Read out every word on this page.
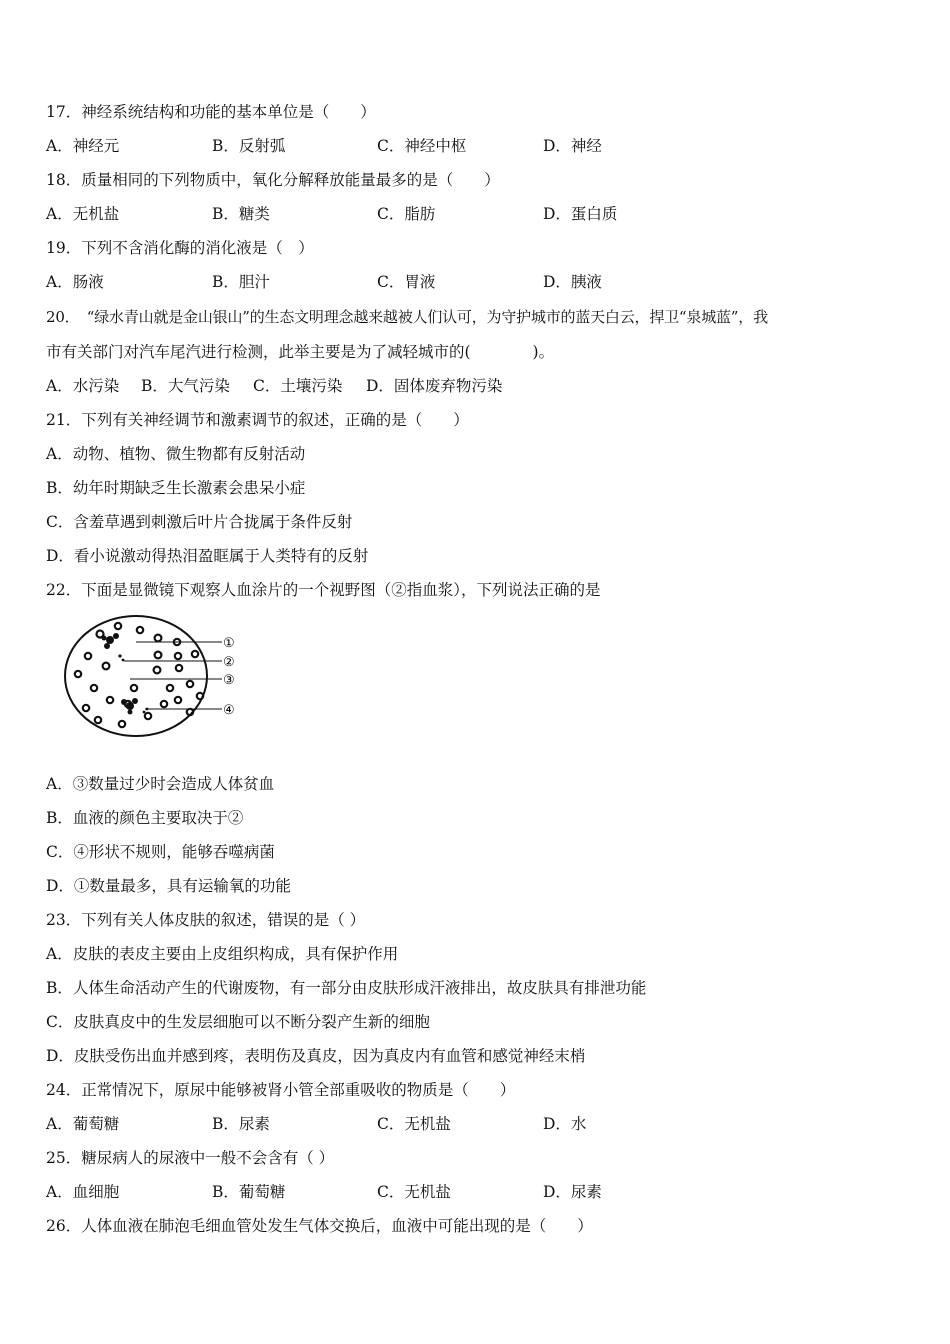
17．神经系统结构和功能的基本单位是（　　）
A．神经元	B．反射弧	C．神经中枢	D．神经
18．质量相同的下列物质中，氧化分解释放能量最多的是（　　）
A．无机盐	B．糖类	C．脂肪	D．蛋白质
19．下列不含消化酶的消化液是（　）
A．肠液	B．胆汁	C．胃液	D．胰液
20．　“绿水青山就是金山银山”的生态文明理念越来越被人们认可，为守护城市的蓝天白云，捍卫“泉城蓝”，我
市有关部门对汽车尾汽进行检测，此举主要是为了减轻城市的(　　　　)。
A．水污染 B．大气污染 C．土壤污染 D．固体废弃物污染
21．下列有关神经调节和激素调节的叙述，正确的是（　　）
A．动物、植物、微生物都有反射活动
B．幼年时期缺乏生长激素会患呆小症
C．含羞草遇到刺激后叶片合拢属于条件反射
D．看小说激动得热泪盈眶属于人类特有的反射
22．下面是显微镜下观察人血涂片的一个视野图（②指血浆），下列说法正确的是
①
②
③
④
A．③数量过少时会造成人体贫血
B．血液的颜色主要取决于②
C．④形状不规则，能够吞噬病菌
D．①数量最多，具有运输氧的功能
23．下列有关人体皮肤的叙述，错误的是（ ）
A．皮肤的表皮主要由上皮组织构成，具有保护作用
B．人体生命活动产生的代谢废物，有一部分由皮肤形成汗液排出，故皮肤具有排泄功能
C．皮肤真皮中的生发层细胞可以不断分裂产生新的细胞
D．皮肤受伤出血并感到疼，表明伤及真皮，因为真皮内有血管和感觉神经末梢
24．正常情况下，原尿中能够被肾小管全部重吸收的物质是（　　）
A．葡萄糖	B．尿素	C．无机盐	D．水
25．糖尿病人的尿液中一般不会含有（ ）
A．血细胞	B．葡萄糖	C．无机盐	D．尿素
26．人体血液在肺泡毛细血管处发生气体交换后，血液中可能出现的是（　　）
